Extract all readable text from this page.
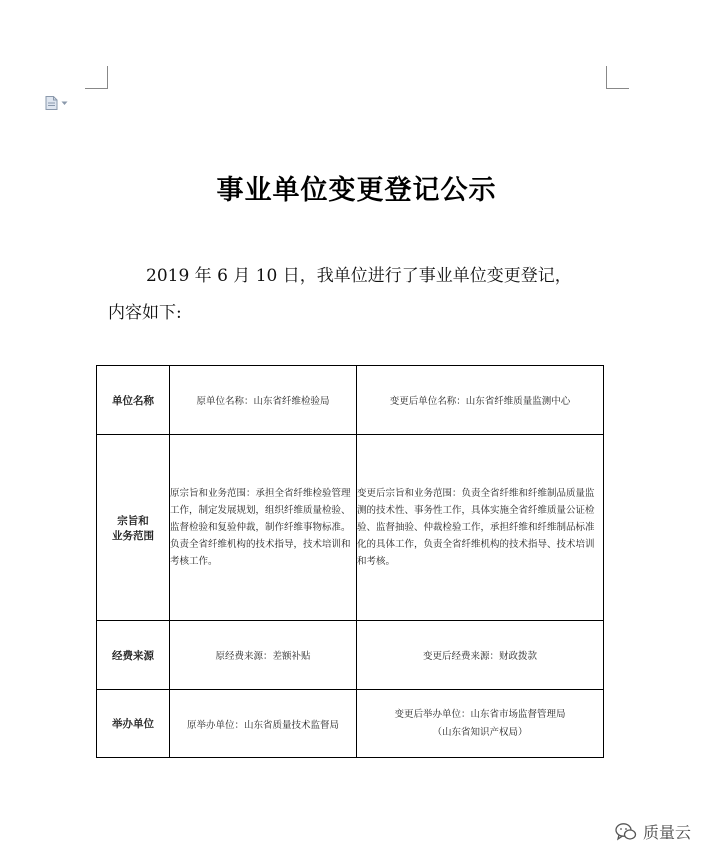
事业单位变更登记公示
2019 年 6 月 10 日，我单位进行了事业单位变更登记，
内容如下:
单位名称	原单位名称：山东省纤维检验局	变更后单位名称：山东省纤维质量监测中心

宗旨和
业务范围	原宗旨和业务范围：承担全省纤维检验管理工作，制定发展规划，组织纤维质量检验、监督检验和复验仲裁，制作纤维事物标准。负责全省纤维机构的技术指导，技术培训和考核工作。	变更后宗旨和业务范围：负责全省纤维和纤维制品质量监测的技术性、事务性工作，具体实施全省纤维质量公证检验、监督抽验、仲裁检验工作，承担纤维和纤维制品标准化的具体工作，负责全省纤维机构的技术指导、技术培训和考核。
经费来源	原经费来源：差额补贴	变更后经费来源：财政拨款
举办单位	原举办单位：山东省质量技术监督局	变更后举办单位：山东省市场监督管理局
（山东省知识产权局）
质量云
